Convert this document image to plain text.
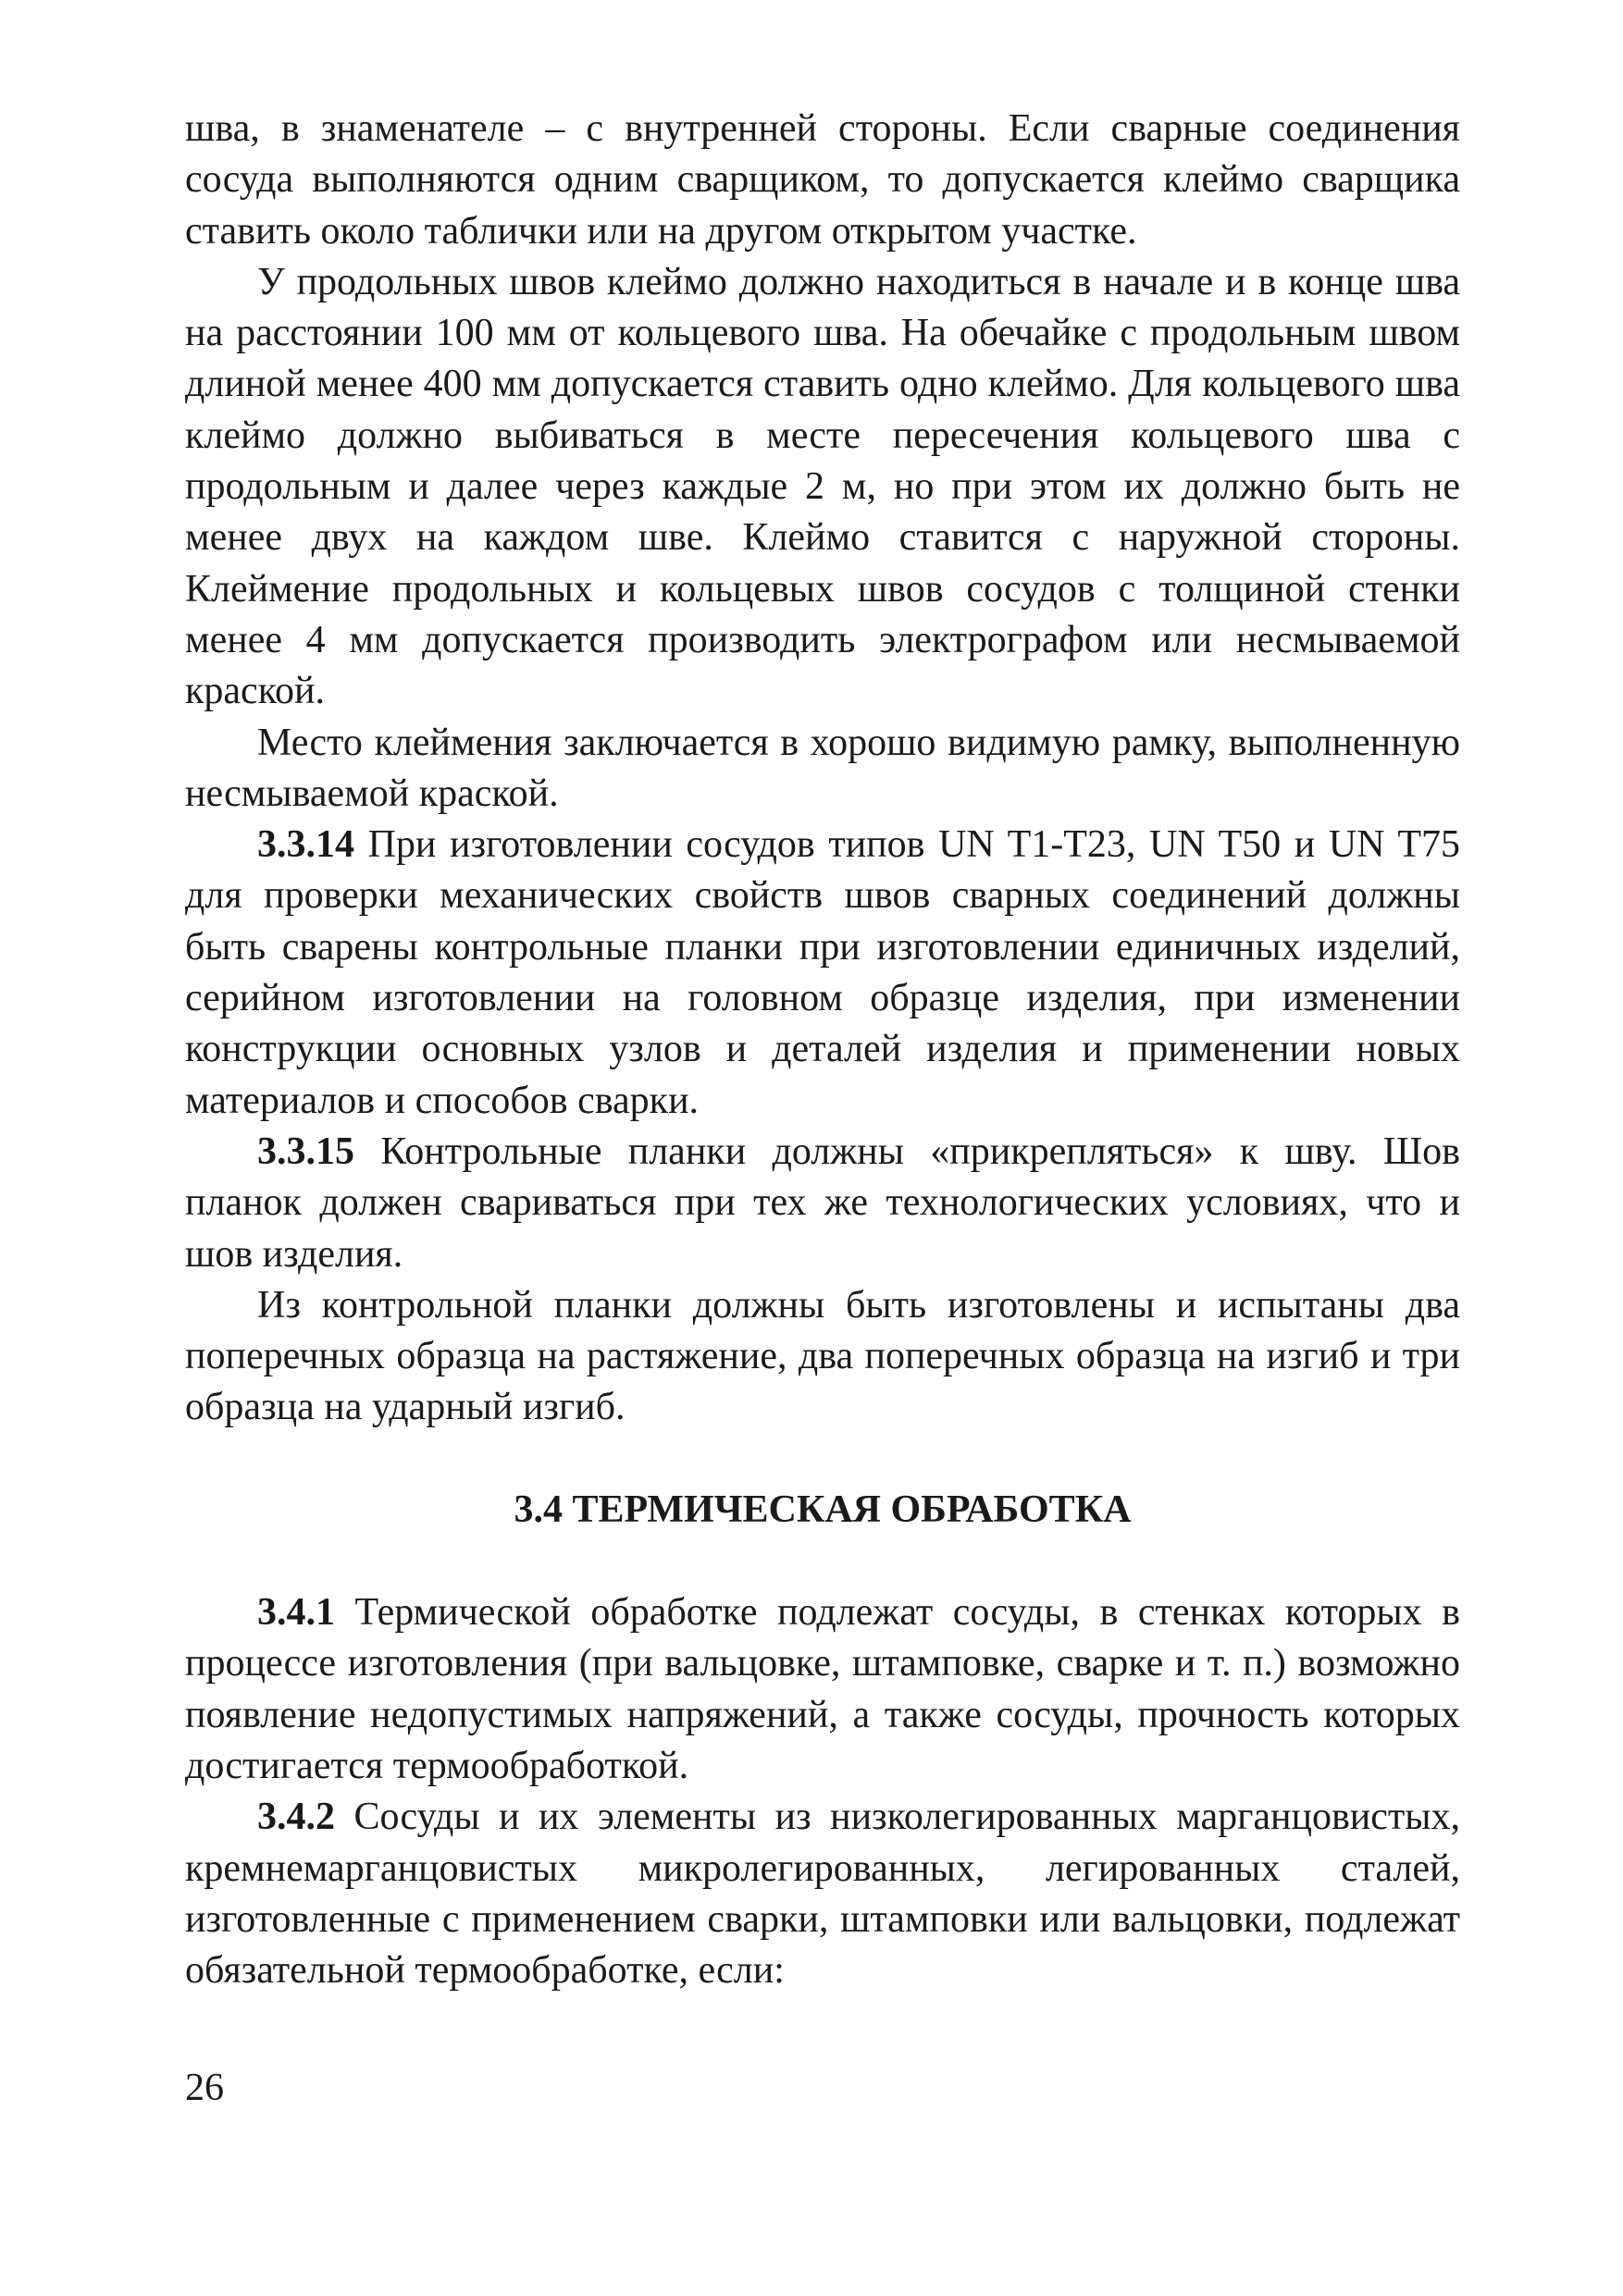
шва, в знаменателе – с внутренней стороны. Если сварные соединения сосуда выполняются одним сварщиком, то допускается клеймо сварщика ставить около таблички или на другом открытом участке.

У продольных швов клеймо должно находиться в начале и в конце шва на расстоянии 100 мм от кольцевого шва. На обечайке с продольным швом длиной менее 400 мм допускается ставить одно клеймо. Для кольцевого шва клеймо должно выбиваться в месте пересечения кольцевого шва с продольным и далее через каждые 2 м, но при этом их должно быть не менее двух на каждом шве. Клеймо ставится с наружной стороны. Клеймение продольных и кольцевых швов сосудов с толщиной стенки менее 4 мм допускается производить электрографом или несмываемой краской.

Место клеймения заключается в хорошо видимую рамку, выполненную несмываемой краской.

3.3.14 При изготовлении сосудов типов UN T1-T23, UN T50 и UN T75 для проверки механических свойств швов сварных соединений должны быть сварены контрольные планки при изготовлении единичных изделий, серийном изготовлении на головном образце изделия, при изменении конструкции основных узлов и деталей изделия и применении новых материалов и способов сварки.

3.3.15 Контрольные планки должны «прикрепляться» к шву. Шов планок должен свариваться при тех же технологических условиях, что и шов изделия.

Из контрольной планки должны быть изготовлены и испытаны два поперечных образца на растяжение, два поперечных образца на изгиб и три образца на ударный изгиб.

3.4 ТЕРМИЧЕСКАЯ ОБРАБОТКА

3.4.1 Термической обработке подлежат сосуды, в стенках которых в процессе изготовления (при вальцовке, штамповке, сварке и т. п.) возможно появление недопустимых напряжений, а также сосуды, прочность которых достигается термообработкой.

3.4.2 Сосуды и их элементы из низколегированных марганцовистых, кремнемарганцовистых микролегированных, легированных сталей, изготовленные с применением сварки, штамповки или вальцовки, подлежат обязательной термообработке, если:

26
